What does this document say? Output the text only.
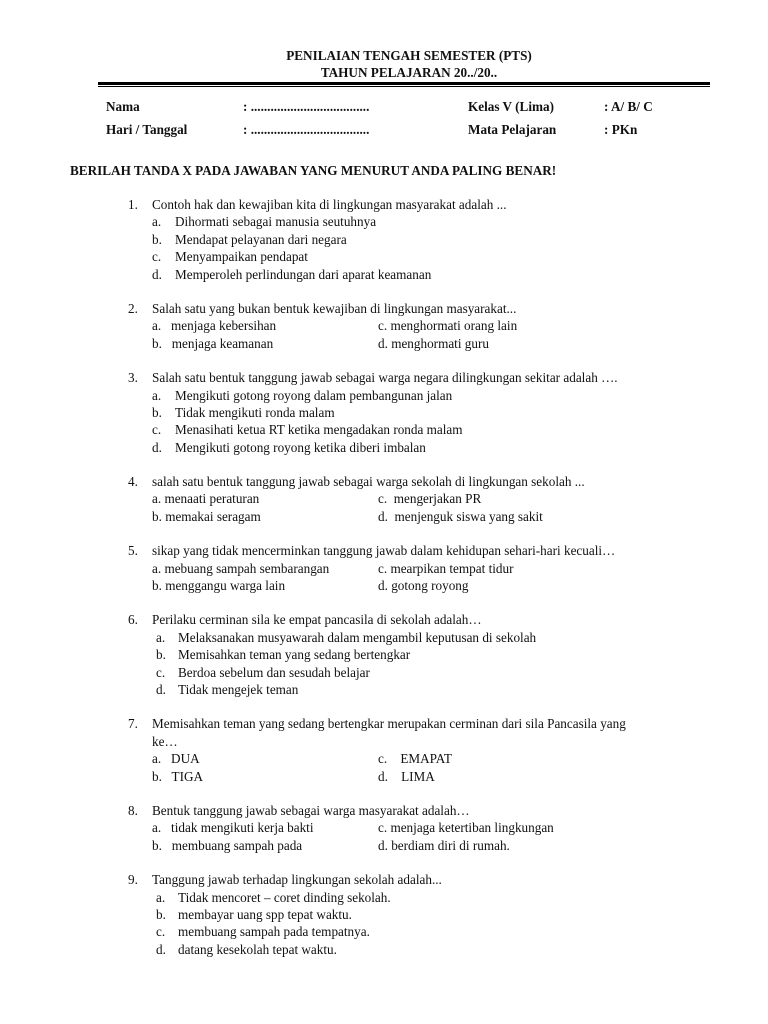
PENILAIAN TENGAH SEMESTER (PTS)
TAHUN PELAJARAN 20../20..
Nama	: ....................................	Kelas V (Lima)	: A/ B/ C
Hari / Tanggal	: ....................................	Mata Pelajaran	: PKn
BERILAH TANDA X PADA JAWABAN YANG MENURUT ANDA PALING BENAR!
1. Contoh hak dan kewajiban kita di lingkungan masyarakat adalah ...
a. Dihormati sebagai manusia seutuhnya
b. Mendapat pelayanan dari negara
c. Menyampaikan pendapat
d. Memperoleh perlindungan dari aparat keamanan
2. Salah satu yang bukan bentuk kewajiban di lingkungan masyarakat...
a.   menjaga kebersihan	c. menghormati orang lain
b.   menjaga keamanan	d. menghormati guru
3. Salah satu bentuk tanggung jawab sebagai warga negara dilingkungan sekitar adalah ….
a. Mengikuti gotong royong dalam pembangunan jalan
b. Tidak mengikuti ronda malam
c. Menasihati ketua RT ketika mengadakan ronda malam
d. Mengikuti gotong royong ketika diberi imbalan
4. salah satu bentuk tanggung jawab sebagai warga sekolah di lingkungan sekolah ...
a. menaati peraturan	c.  mengerjakan PR
b. memakai seragam	d.  menjenguk siswa yang sakit
5. sikap yang tidak mencerminkan tanggung jawab dalam kehidupan sehari-hari kecuali…
a. mebuang sampah sembarangan	c. mearpikan tempat tidur
b. menggangu warga lain	d. gotong royong
6. Perilaku cerminan sila ke empat pancasila di sekolah adalah…
a. Melaksanakan musyawarah dalam mengambil keputusan di sekolah
b. Memisahkan teman yang sedang bertengkar
c. Berdoa sebelum dan sesudah belajar
d. Tidak mengejek teman
7. Memisahkan teman yang sedang bertengkar merupakan cerminan dari sila Pancasila yang
ke…
a.   DUA	c.    EMAPAT
b.   TIGA	d.    LIMA
8. Bentuk tanggung jawab sebagai warga masyarakat adalah…
a.   tidak mengikuti kerja bakti	c. menjaga ketertiban lingkungan
b.   membuang sampah pada	d. berdiam diri di rumah.
9. Tanggung jawab terhadap lingkungan sekolah adalah...
a. Tidak mencoret – coret dinding sekolah.
b. membayar uang spp tepat waktu.
c. membuang sampah pada tempatnya.
d. datang kesekolah tepat waktu.
